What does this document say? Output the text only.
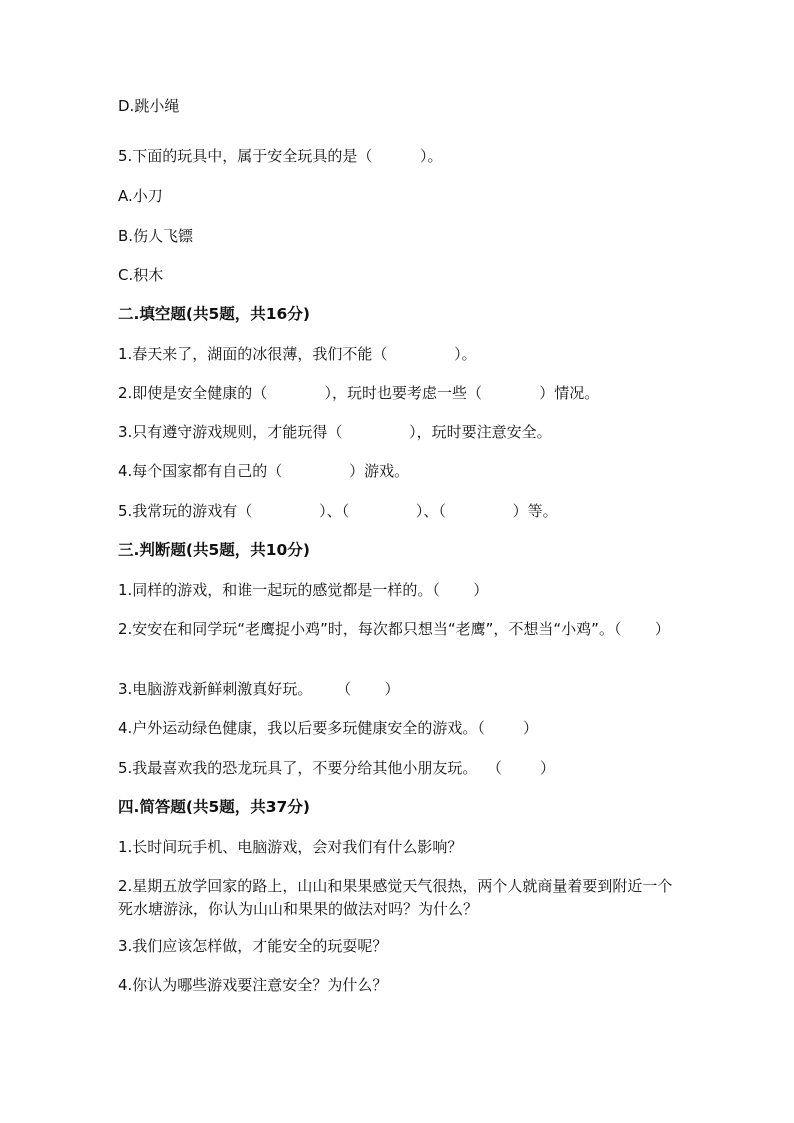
D.跳小绳
5.下面的玩具中，属于安全玩具的是（          ）。
A.小刀
B.伤人飞镖
C.积木
二.填空题(共5题，共16分)
1.春天来了，湖面的冰很薄，我们不能（              ）。
2.即使是安全健康的（            ），玩时也要考虑一些（            ）情况。
3.只有遵守游戏规则，才能玩得（              ），玩时要注意安全。
4.每个国家都有自己的（              ）游戏。
5.我常玩的游戏有（              ）、（              ）、（              ）等。
三.判断题(共5题，共10分)
1.同样的游戏，和谁一起玩的感觉都是一样的。（       ）
2.安安在和同学玩“老鹰捉小鸡”时，每次都只想当“老鹰”，不想当“小鸡”。（       ）
3.电脑游戏新鲜刺激真好玩。     （       ）
4.户外运动绿色健康，我以后要多玩健康安全的游戏。（        ）
5.我最喜欢我的恐龙玩具了，不要分给其他小朋友玩。  （        ）
四.简答题(共5题，共37分)
1.长时间玩手机、电脑游戏，会对我们有什么影响？
2.星期五放学回家的路上，山山和果果感觉天气很热，两个人就商量着要到附近一个死水塘游泳，你认为山山和果果的做法对吗？为什么？
3.我们应该怎样做，才能安全的玩耍呢？
4.你认为哪些游戏要注意安全？为什么？
